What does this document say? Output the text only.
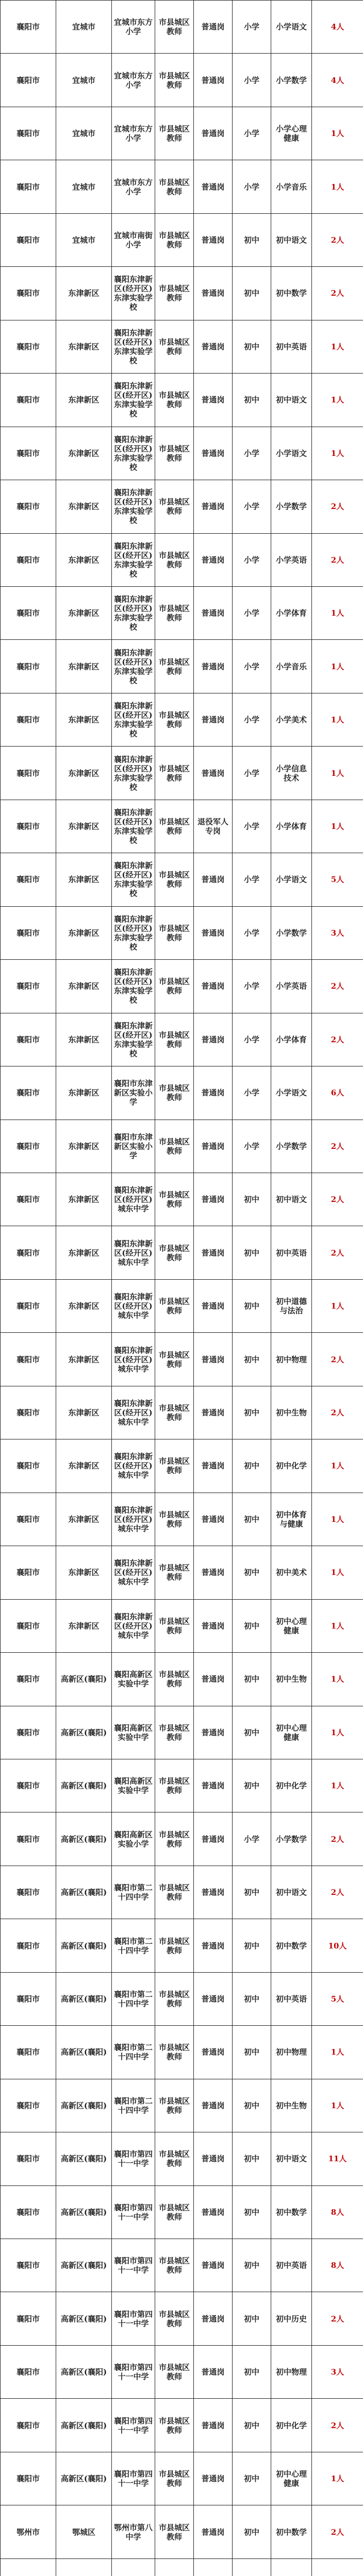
襄阳市	宜城市	宜城市东方小学	市县城区教师	普通岗	小学	小学语文	4人
襄阳市	宜城市	宜城市东方小学	市县城区教师	普通岗	小学	小学数学	4人
襄阳市	宜城市	宜城市东方小学	市县城区教师	普通岗	小学	小学心理健康	1人
襄阳市	宜城市	宜城市东方小学	市县城区教师	普通岗	小学	小学音乐	1人
襄阳市	宜城市	宜城市南街小学	市县城区教师	普通岗	初中	初中语文	2人
襄阳市	东津新区	襄阳东津新区(经开区)东津实验学校	市县城区教师	普通岗	初中	初中数学	2人
襄阳市	东津新区	襄阳东津新区(经开区)东津实验学校	市县城区教师	普通岗	初中	初中英语	1人
襄阳市	东津新区	襄阳东津新区(经开区)东津实验学校	市县城区教师	普通岗	初中	初中语文	1人
襄阳市	东津新区	襄阳东津新区(经开区)东津实验学校	市县城区教师	普通岗	小学	小学语文	1人
襄阳市	东津新区	襄阳东津新区(经开区)东津实验学校	市县城区教师	普通岗	小学	小学数学	2人
襄阳市	东津新区	襄阳东津新区(经开区)东津实验学校	市县城区教师	普通岗	小学	小学英语	2人
襄阳市	东津新区	襄阳东津新区(经开区)东津实验学校	市县城区教师	普通岗	小学	小学体育	1人
襄阳市	东津新区	襄阳东津新区(经开区)东津实验学校	市县城区教师	普通岗	小学	小学音乐	1人
襄阳市	东津新区	襄阳东津新区(经开区)东津实验学校	市县城区教师	普通岗	小学	小学美术	1人
襄阳市	东津新区	襄阳东津新区(经开区)东津实验学校	市县城区教师	普通岗	小学	小学信息技术	1人
襄阳市	东津新区	襄阳东津新区(经开区)东津实验学校	市县城区教师	退役军人专岗	小学	小学体育	1人
襄阳市	东津新区	襄阳东津新区(经开区)东津实验学校	市县城区教师	普通岗	小学	小学语文	5人
襄阳市	东津新区	襄阳东津新区(经开区)东津实验学校	市县城区教师	普通岗	小学	小学数学	3人
襄阳市	东津新区	襄阳东津新区(经开区)东津实验学校	市县城区教师	普通岗	小学	小学英语	2人
襄阳市	东津新区	襄阳东津新区(经开区)东津实验学校	市县城区教师	普通岗	小学	小学体育	2人
襄阳市	东津新区	襄阳市东津新区实验小学	市县城区教师	普通岗	小学	小学语文	6人
襄阳市	东津新区	襄阳市东津新区实验小学	市县城区教师	普通岗	小学	小学数学	2人
襄阳市	东津新区	襄阳东津新区(经开区)城东中学	市县城区教师	普通岗	初中	初中语文	2人
襄阳市	东津新区	襄阳东津新区(经开区)城东中学	市县城区教师	普通岗	初中	初中英语	2人
襄阳市	东津新区	襄阳东津新区(经开区)城东中学	市县城区教师	普通岗	初中	初中道德与法治	1人
襄阳市	东津新区	襄阳东津新区(经开区)城东中学	市县城区教师	普通岗	初中	初中物理	2人
襄阳市	东津新区	襄阳东津新区(经开区)城东中学	市县城区教师	普通岗	初中	初中生物	2人
襄阳市	东津新区	襄阳东津新区(经开区)城东中学	市县城区教师	普通岗	初中	初中化学	1人
襄阳市	东津新区	襄阳东津新区(经开区)城东中学	市县城区教师	普通岗	初中	初中体育与健康	1人
襄阳市	东津新区	襄阳东津新区(经开区)城东中学	市县城区教师	普通岗	初中	初中美术	1人
襄阳市	东津新区	襄阳东津新区(经开区)城东中学	市县城区教师	普通岗	初中	初中心理健康	1人
襄阳市	高新区(襄阳)	襄阳高新区实验中学	市县城区教师	普通岗	初中	初中生物	1人
襄阳市	高新区(襄阳)	襄阳高新区实验中学	市县城区教师	普通岗	初中	初中心理健康	1人
襄阳市	高新区(襄阳)	襄阳高新区实验中学	市县城区教师	普通岗	初中	初中化学	1人
襄阳市	高新区(襄阳)	襄阳高新区实验小学	市县城区教师	普通岗	小学	小学数学	2人
襄阳市	高新区(襄阳)	襄阳市第二十四中学	市县城区教师	普通岗	初中	初中语文	2人
襄阳市	高新区(襄阳)	襄阳市第二十四中学	市县城区教师	普通岗	初中	初中数学	10人
襄阳市	高新区(襄阳)	襄阳市第二十四中学	市县城区教师	普通岗	初中	初中英语	5人
襄阳市	高新区(襄阳)	襄阳市第二十四中学	市县城区教师	普通岗	初中	初中物理	1人
襄阳市	高新区(襄阳)	襄阳市第二十四中学	市县城区教师	普通岗	初中	初中生物	1人
襄阳市	高新区(襄阳)	襄阳市第四十一中学	市县城区教师	普通岗	初中	初中语文	11人
襄阳市	高新区(襄阳)	襄阳市第四十一中学	市县城区教师	普通岗	初中	初中数学	8人
襄阳市	高新区(襄阳)	襄阳市第四十一中学	市县城区教师	普通岗	初中	初中英语	8人
襄阳市	高新区(襄阳)	襄阳市第四十一中学	市县城区教师	普通岗	初中	初中历史	2人
襄阳市	高新区(襄阳)	襄阳市第四十一中学	市县城区教师	普通岗	初中	初中物理	3人
襄阳市	高新区(襄阳)	襄阳市第四十一中学	市县城区教师	普通岗	初中	初中化学	2人
襄阳市	高新区(襄阳)	襄阳市第四十一中学	市县城区教师	普通岗	初中	初中心理健康	1人
鄂州市	鄂城区	鄂州市第八中学	市县城区教师	普通岗	初中	初中数学	2人
